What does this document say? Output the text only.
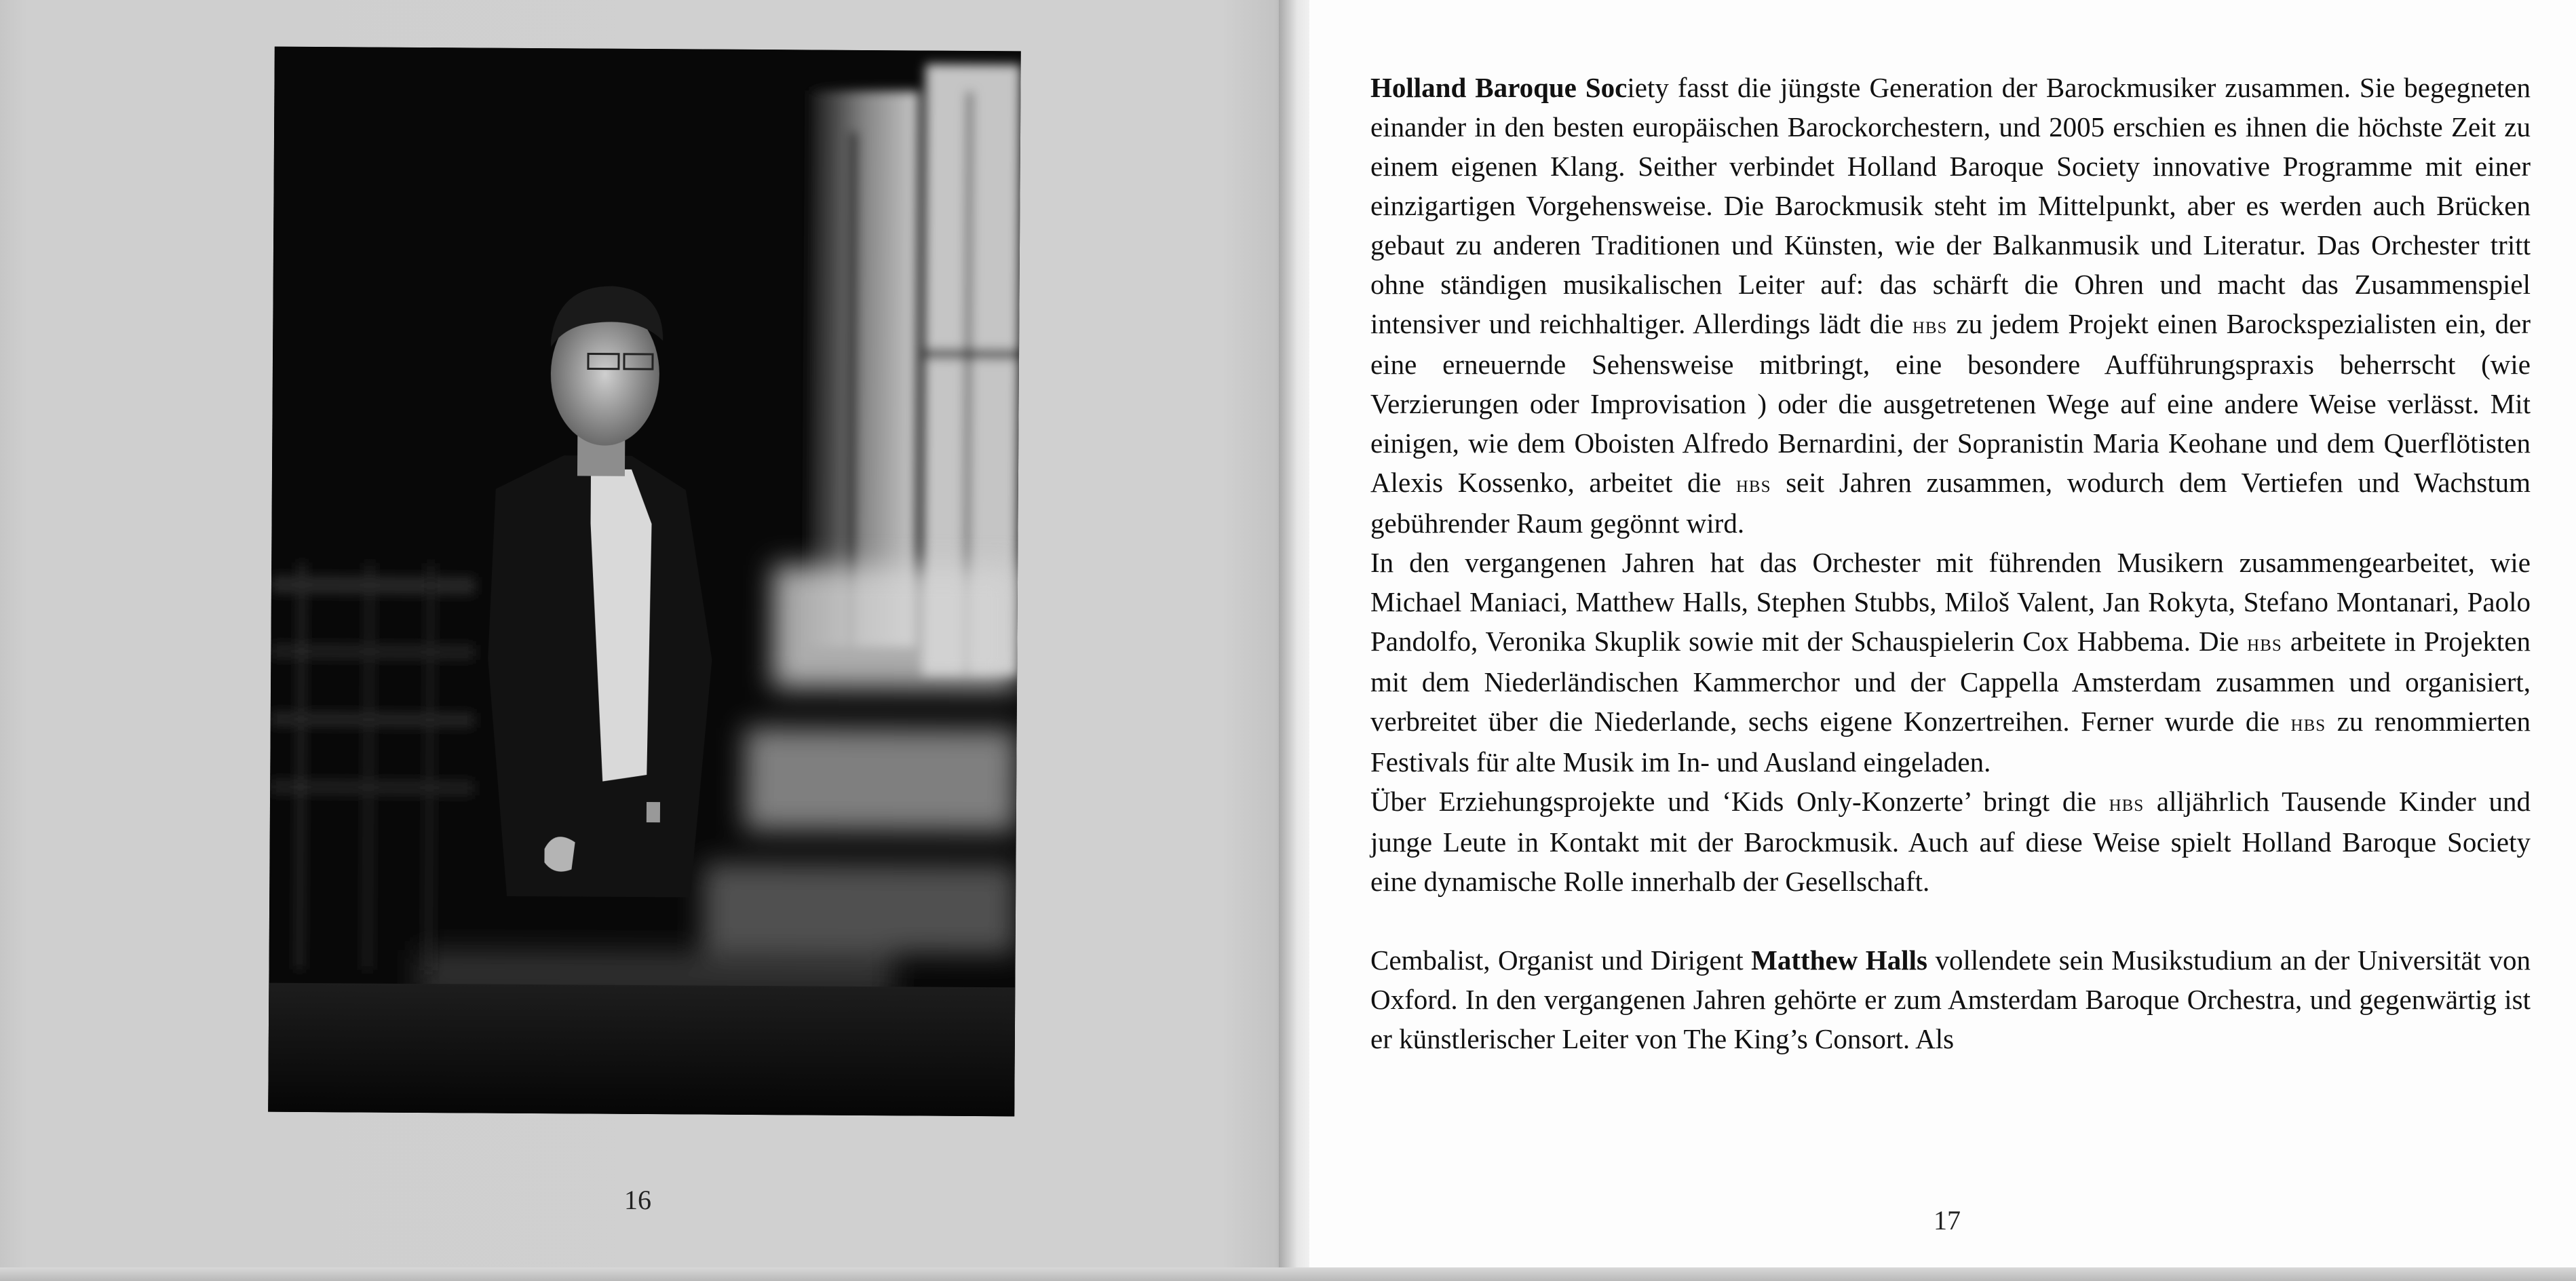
16

Holland Baroque Society fasst die jüngste Generation der Barockmusiker zusammen. Sie begegneten einander in den besten europäischen Barockorchestern, und 2005 erschien es ihnen die höchste Zeit zu einem eigenen Klang. Seither verbindet Holland Baroque Society innovative Programme mit einer einzigartigen Vorgehensweise. Die Barockmusik steht im Mittelpunkt, aber es werden auch Brücken gebaut zu anderen Traditionen und Künsten, wie der Balkanmusik und Literatur. Das Orchester tritt ohne ständigen musikalischen Leiter auf: das schärft die Ohren und macht das Zusammenspiel intensiver und reichhaltiger. Allerdings lädt die hbs zu jedem Projekt einen Barockspezialisten ein, der eine erneuernde Sehensweise mitbringt, eine besondere Aufführungspraxis beherrscht (wie Verzierungen oder Improvisation ) oder die ausgetretenen Wege auf eine andere Weise verlässt. Mit einigen, wie dem Oboisten Alfredo Bernardini, der Sopranistin Maria Keohane und dem Querflötisten Alexis Kossenko, arbeitet die hbs seit Jahren zusammen, wodurch dem Vertiefen und Wachstum gebührender Raum gegönnt wird.

In den vergangenen Jahren hat das Orchester mit führenden Musikern zusammengearbeitet, wie Michael Maniaci, Matthew Halls, Stephen Stubbs, Miloš Valent, Jan Rokyta, Stefano Montanari, Paolo Pandolfo, Veronika Skuplik sowie mit der Schauspielerin Cox Habbema. Die hbs arbeitete in Projekten mit dem Niederländischen Kammerchor und der Cappella Amsterdam zusammen und organisiert, verbreitet über die Niederlande, sechs eigene Konzertreihen. Ferner wurde die hbs zu renommierten Festivals für alte Musik im In- und Ausland eingeladen.

Über Erziehungsprojekte und ‘Kids Only-Konzerte’ bringt die hbs alljährlich Tausende Kinder und junge Leute in Kontakt mit der Barockmusik. Auch auf diese Weise spielt Holland Baroque Society eine dynamische Rolle innerhalb der Gesellschaft.

Cembalist, Organist und Dirigent Matthew Halls vollendete sein Musikstudium an der Universität von Oxford. In den vergangenen Jahren gehörte er zum Amsterdam Baroque Orchestra, und gegenwärtig ist er künstlerischer Leiter von The King’s Consort. Als

17
